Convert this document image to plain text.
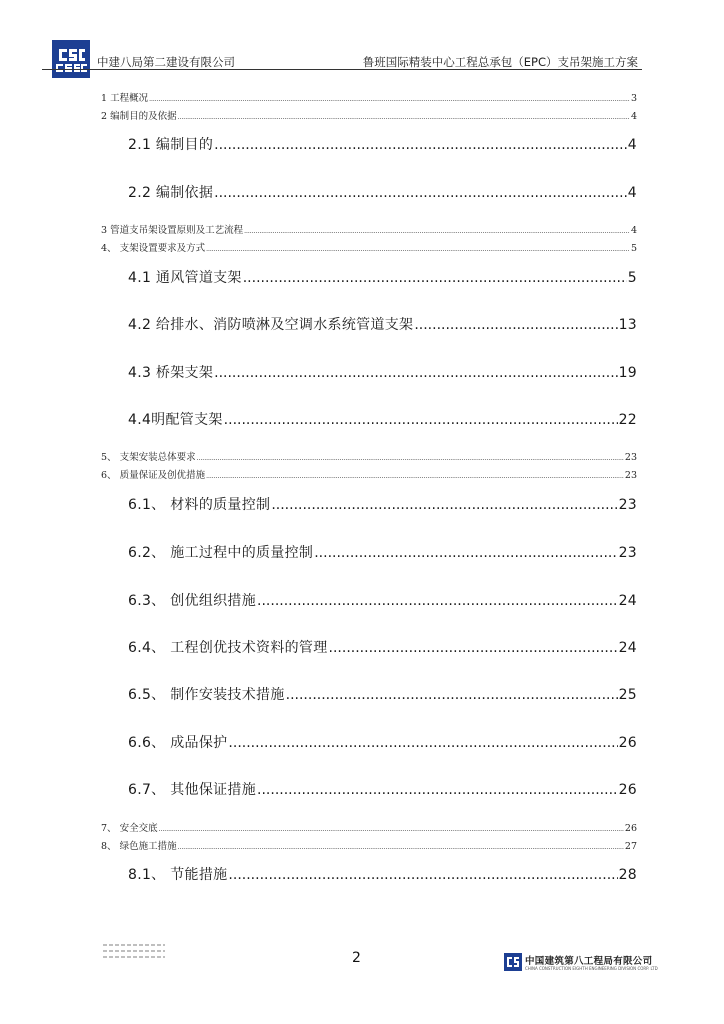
中建八局第二建设有限公司	鲁班国际精装中心工程总承包（EPC）支吊架施工方案
1 工程概况 .....	3
2 编制目的及依据 .....	4
2.1 编制目的 .....	4
2.2 编制依据 .....	4
3 管道支吊架设置原则及工艺流程 .....	4
4、 支架设置要求及方式 .....	5
4.1 通风管道支架 .....	5
4.2 给排水、消防喷淋及空调水系统管道支架 .....	13
4.3 桥架支架 .....	19
4.4明配管支架 .....	22
5、 支架安装总体要求 .....	23
6、 质量保证及创优措施 .....	23
6.1、 材料的质量控制 .....	23
6.2、 施工过程中的质量控制 .....	23
6.3、 创优组织措施 .....	24
6.4、 工程创优技术资料的管理 .....	24
6.5、 制作安装技术措施 .....	25
6.6、 成品保护 .....	26
6.7、 其他保证措施 .....	26
7、 安全交底 .....	26
8、 绿色施工措施 .....	27
8.1、 节能措施 .....	28
2	中国建筑第八工程局有限公司
CHINA CONSTRUCTION EIGHTH ENGINEERING DIVISION CORP. LTD
